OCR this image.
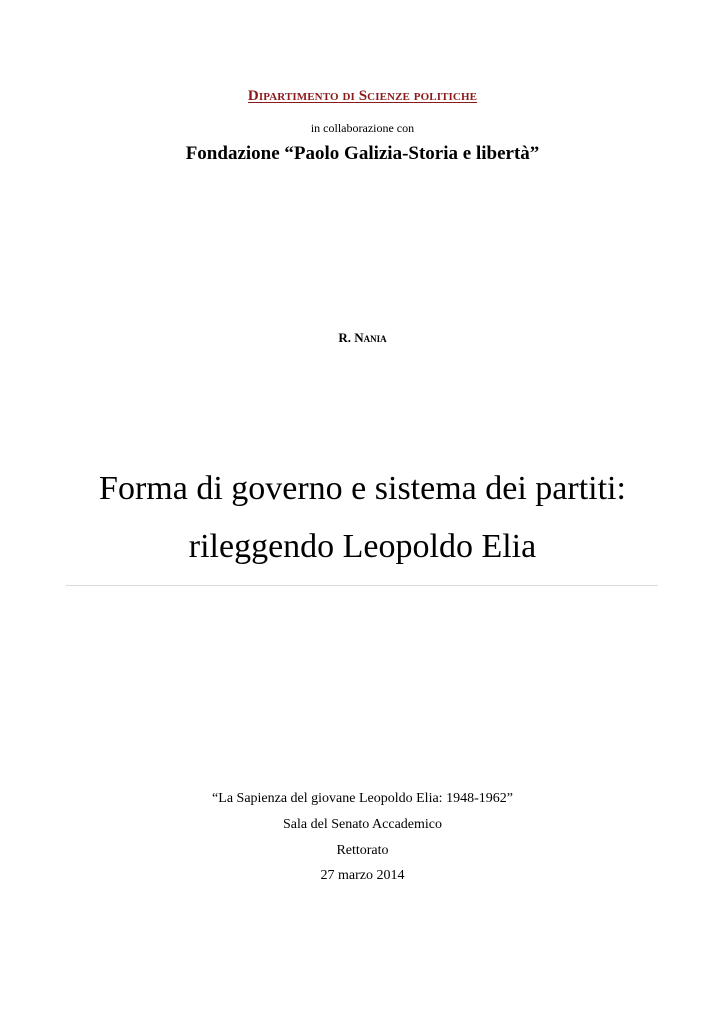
Dipartimento di Scienze politiche
in collaborazione con
Fondazione “Paolo Galizia-Storia e libertà”
R. Nania
Forma di governo e sistema dei partiti:
rileggendo Leopoldo Elia
“La Sapienza del giovane Leopoldo Elia: 1948-1962”
Sala del Senato Accademico
Rettorato
27 marzo 2014
